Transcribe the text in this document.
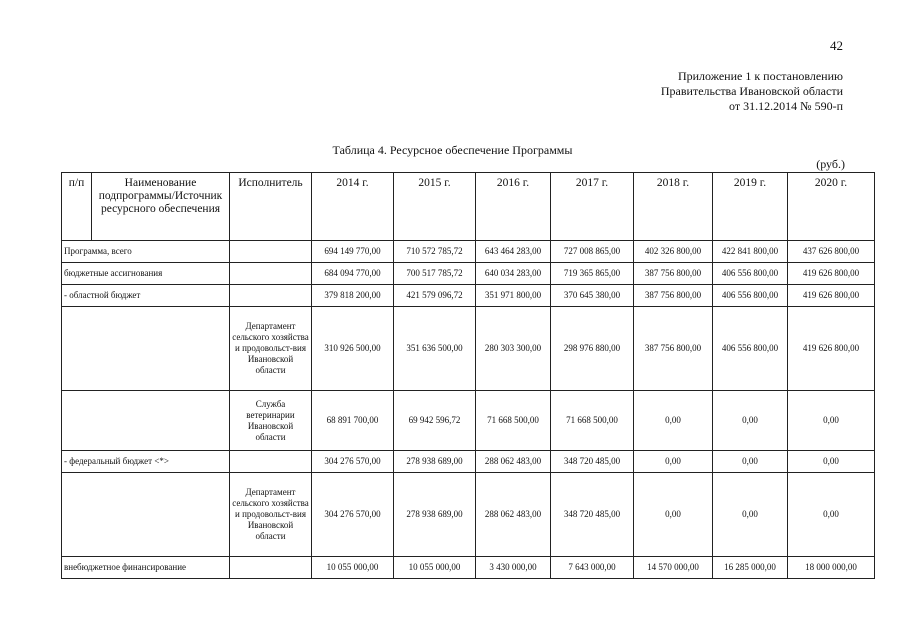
42
Приложение 1 к постановлению
Правительства Ивановской области
от 31.12.2014 № 590-п
Таблица 4. Ресурсное обеспечение Программы
(руб.)
п/п	Наименование подпрограммы/Источник ресурсного обеспечения	Исполнитель	2014 г.	2015 г.	2016 г.	2017 г.	2018 г.	2019 г.	2020 г.
Программа, всего			694 149 770,00	710 572 785,72	643 464 283,00	727 008 865,00	402 326 800,00	422 841 800,00	437 626 800,00
бюджетные ассигнования			684 094 770,00	700 517 785,72	640 034 283,00	719 365 865,00	387 756 800,00	406 556 800,00	419 626 800,00
- областной бюджет			379 818 200,00	421 579 096,72	351 971 800,00	370 645 380,00	387 756 800,00	406 556 800,00	419 626 800,00
		Департамент сельского хозяйства и продовольст-вия Ивановской области	310 926 500,00	351 636 500,00	280 303 300,00	298 976 880,00	387 756 800,00	406 556 800,00	419 626 800,00
		Служба ветеринарии Ивановской области	68 891 700,00	69 942 596,72	71 668 500,00	71 668 500,00	0,00	0,00	0,00
- федеральный бюджет <*>			304 276 570,00	278 938 689,00	288 062 483,00	348 720 485,00	0,00	0,00	0,00
		Департамент сельского хозяйства и продовольст-вия Ивановской области	304 276 570,00	278 938 689,00	288 062 483,00	348 720 485,00	0,00	0,00	0,00
внебюджетное финансирование			10 055 000,00	10 055 000,00	3 430 000,00	7 643 000,00	14 570 000,00	16 285 000,00	18 000 000,00
